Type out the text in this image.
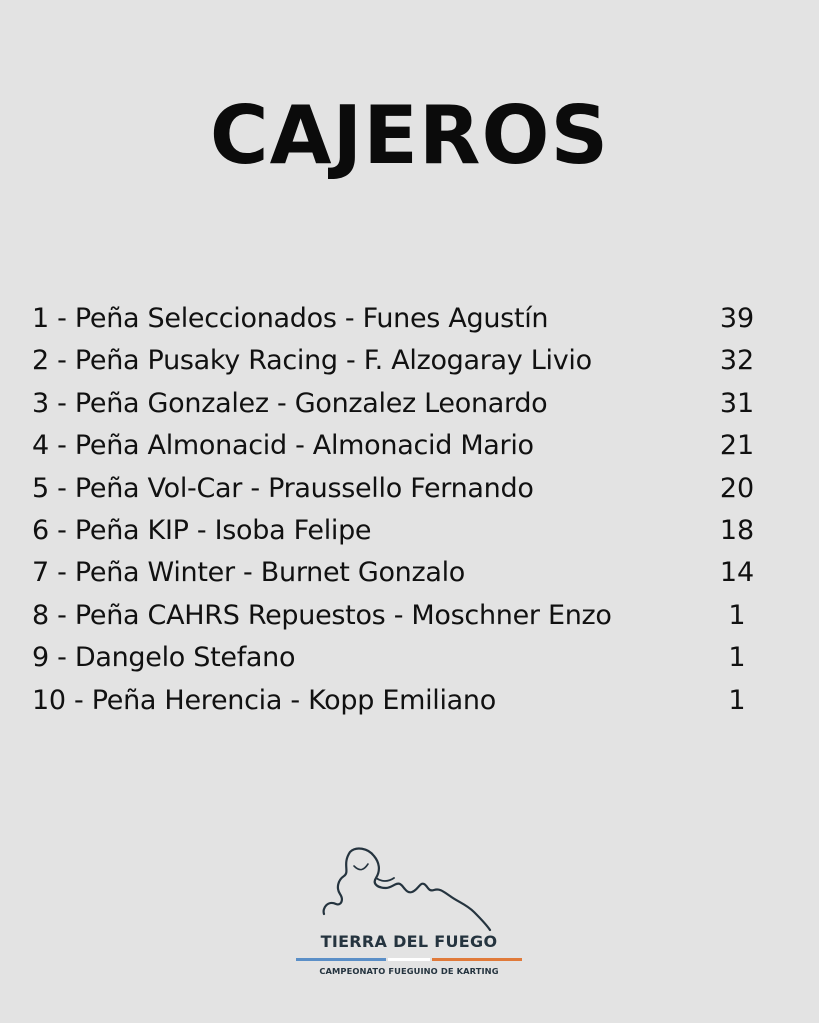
CAJEROS
1 - Peña Seleccionados - Funes Agustín	39
2 - Peña Pusaky Racing - F. Alzogaray Livio	32
3 - Peña Gonzalez - Gonzalez Leonardo	31
4 - Peña Almonacid - Almonacid Mario	21
5 - Peña Vol-Car - Praussello Fernando	20
6 - Peña KIP - Isoba Felipe	18
7 - Peña Winter - Burnet Gonzalo	14
8 - Peña CAHRS Repuestos - Moschner Enzo	1
9 - Dangelo Stefano	1
10 - Peña Herencia - Kopp Emiliano	1
TIERRA DEL FUEGO
CAMPEONATO FUEGUINO DE KARTING
